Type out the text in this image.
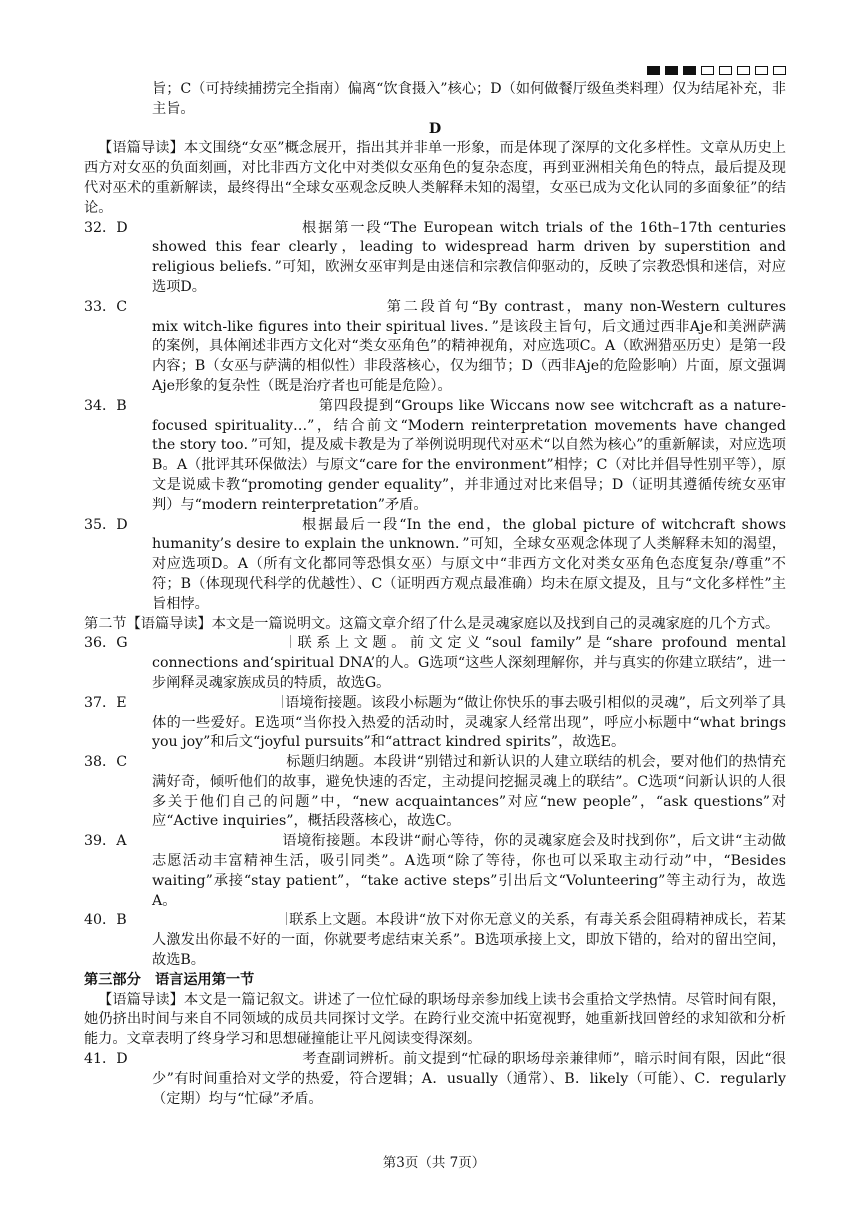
旨；C（可持续捕捞完全指南）偏离“饮食摄入”核心；D（如何做餐厅级鱼类料理）仅为结尾补充，非主旨。

D

【语篇导读】本文围绕“女巫”概念展开，指出其并非单一形象，而是体现了深厚的文化多样性。文章从历史上西方对女巫的负面刻画，对比非西方文化中对类似女巫角色的复杂态度，再到亚洲相关角色的特点，最后提及现代对巫术的重新解读，最终得出“全球女巫观念反映人类解释未知的渴望，女巫已成为文化认同的多面象征”的结论。

32．D	根据第一段“The European witch trials of the 16th–17th centuries showed this fear clearly，leading to widespread harm driven by superstition and religious beliefs．”可知，欧洲女巫审判是由迷信和宗教信仰驱动的，反映了宗教恐惧和迷信，对应选项D。
33．C	第二段首句“By contrast，many non-Western cultures mix witch-like figures into their spiritual lives．”是该段主旨句，后文通过西非Aje和美洲萨满的案例，具体阐述非西方文化对“类女巫角色”的精神视角，对应选项C。A（欧洲猎巫历史）是第一段内容；B（女巫与萨满的相似性）非段落核心，仅为细节；D（西非Aje的危险影响）片面，原文强调Aje形象的复杂性（既是治疗者也可能是危险）。
34．B	第四段提到“Groups like Wiccans now see witchcraft as a nature-focused spirituality…”，结合前文“Modern reinterpretation movements have changed the story too．”可知，提及威卡教是为了举例说明现代对巫术“以自然为核心”的重新解读，对应选项B。A（批评其环保做法）与原文“care for the environment”相悖；C（对比并倡导性别平等），原文是说威卡教“promoting gender equality”，并非通过对比来倡导；D（证明其遵循传统女巫审判）与“modern reinterpretation”矛盾。
35．D	根据最后一段“In the end，the global picture of witchcraft shows humanity’s desire to explain the unknown．”可知，全球女巫观念体现了人类解释未知的渴望，对应选项D。A（所有文化都同等恐惧女巫）与原文中“非西方文化对类女巫角色态度复杂/尊重”不符；B（体现现代科学的优越性）、C（证明西方观点最准确）均未在原文提及，且与“文化多样性”主旨相悖。

第二节【语篇导读】本文是一篇说明文。这篇文章介绍了什么是灵魂家庭以及找到自己的灵魂家庭的几个方式。

36．G	联系上文题。前文定义“soul family”是“share profound mental connections and‘spiritual DNA’的人。G选项“这些人深刻理解你，并与真实的你建立联结”，进一步阐释灵魂家族成员的特质，故选G。
37．E	语境衔接题。该段小标题为“做让你快乐的事去吸引相似的灵魂”，后文列举了具体的一些爱好。E选项“当你投入热爱的活动时，灵魂家人经常出现”，呼应小标题中“what brings you joy”和后文“joyful pursuits”和“attract kindred spirits”，故选E。
38．C	标题归纳题。本段讲“别错过和新认识的人建立联结的机会，要对他们的热情充满好奇，倾听他们的故事，避免快速的否定，主动提问挖掘灵魂上的联结”。C选项“问新认识的人很多关于他们自己的问题”中，“new acquaintances”对应“new people”，“ask questions”对应“Active inquiries”，概括段落核心，故选C。
39．A	语境衔接题。本段讲“耐心等待，你的灵魂家庭会及时找到你”，后文讲“主动做志愿活动丰富精神生活，吸引同类”。A选项“除了等待，你也可以采取主动行动”中，“Besides waiting”承接“stay patient”，“take active steps”引出后文“Volunteering”等主动行为，故选A。
40．B	联系上文题。本段讲“放下对你无意义的关系，有毒关系会阻碍精神成长，若某人激发出你最不好的一面，你就要考虑结束关系”。B选项承接上文，即放下错的，给对的留出空间，故选B。

第三部分　语言运用第一节

【语篇导读】本文是一篇记叙文。讲述了一位忙碌的职场母亲参加线上读书会重拾文学热情。尽管时间有限，她仍挤出时间与来自不同领域的成员共同探讨文学。在跨行业交流中拓宽视野，她重新找回曾经的求知欲和分析能力。文章表明了终身学习和思想碰撞能让平凡阅读变得深刻。

41．D	考查副词辨析。前文提到“忙碌的职场母亲兼律师”，暗示时间有限，因此“很少”有时间重拾对文学的热爱，符合逻辑；A．usually（通常）、B．likely（可能）、C．regularly（定期）均与“忙碌”矛盾。
第3页（共 7页）
